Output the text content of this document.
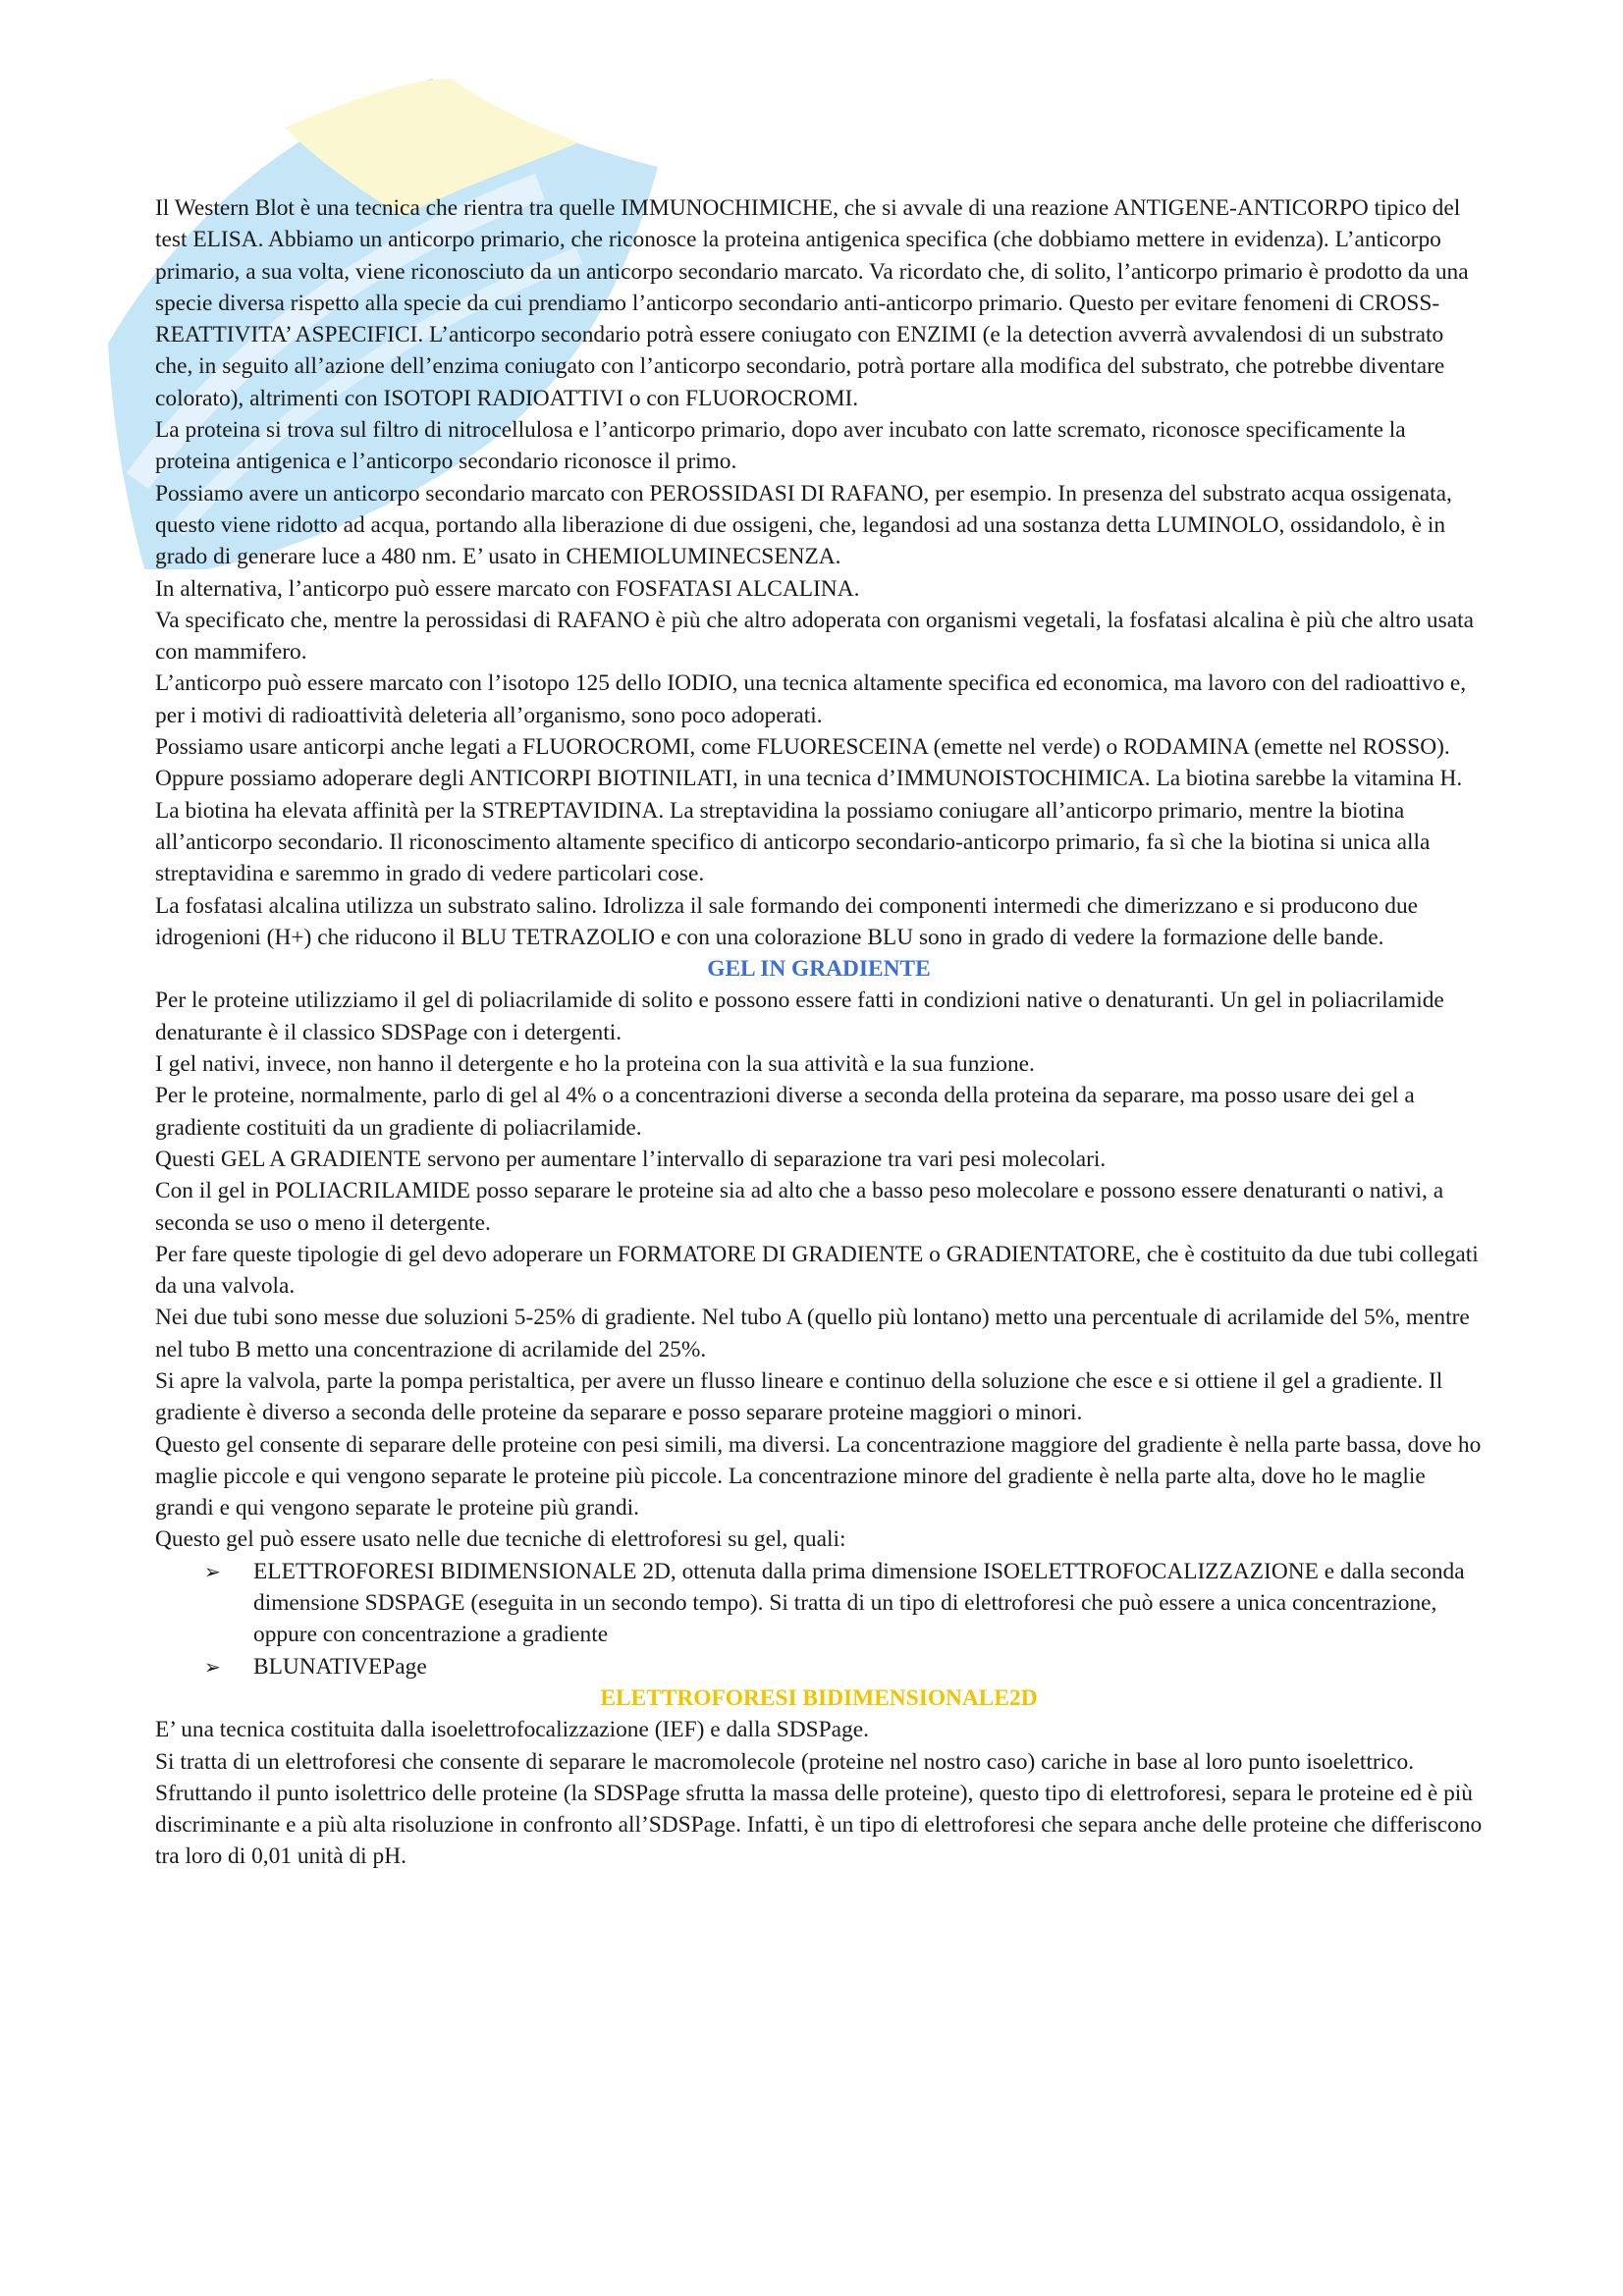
Il Western Blot è una tecnica che rientra tra quelle IMMUNOCHIMICHE, che si avvale di una reazione ANTIGENE-ANTICORPO tipico del test ELISA. Abbiamo un anticorpo primario, che riconosce la proteina antigenica specifica (che dobbiamo mettere in evidenza). L’anticorpo primario, a sua volta, viene riconosciuto da un anticorpo secondario marcato. Va ricordato che, di solito, l’anticorpo primario è prodotto da una specie diversa rispetto alla specie da cui prendiamo l’anticorpo secondario anti-anticorpo primario. Questo per evitare fenomeni di CROSS-REATTIVITA’ ASPECIFICI. L’anticorpo secondario potrà essere coniugato con ENZIMI (e la detection avverrà avvalendosi di un substrato che, in seguito all’azione dell’enzima coniugato con l’anticorpo secondario, potrà portare alla modifica del substrato, che potrebbe diventare colorato), altrimenti con ISOTOPI RADIOATTIVI o con FLUOROCROMI.

La proteina si trova sul filtro di nitrocellulosa e l’anticorpo primario, dopo aver incubato con latte scremato, riconosce specificamente la proteina antigenica e l’anticorpo secondario riconosce il primo.

Possiamo avere un anticorpo secondario marcato con PEROSSIDASI DI RAFANO, per esempio. In presenza del substrato acqua ossigenata, questo viene ridotto ad acqua, portando alla liberazione di due ossigeni, che, legandosi ad una sostanza detta LUMINOLO, ossidandolo, è in grado di generare luce a 480 nm. E’ usato in CHEMIOLUMINECSENZA.

In alternativa, l’anticorpo può essere marcato con FOSFATASI ALCALINA.

Va specificato che, mentre la perossidasi di RAFANO è più che altro adoperata con organismi vegetali, la fosfatasi alcalina è più che altro usata con mammifero.

L’anticorpo può essere marcato con l’isotopo 125 dello IODIO, una tecnica altamente specifica ed economica, ma lavoro con del radioattivo e, per i motivi di radioattività deleteria all’organismo, sono poco adoperati.

Possiamo usare anticorpi anche legati a FLUOROCROMI, come FLUORESCEINA (emette nel verde) o RODAMINA (emette nel ROSSO).

Oppure possiamo adoperare degli ANTICORPI BIOTINILATI, in una tecnica d’IMMUNOISTOCHIMICA. La biotina sarebbe la vitamina H. La biotina ha elevata affinità per la STREPTAVIDINA. La streptavidina la possiamo coniugare all’anticorpo primario, mentre la biotina all’anticorpo secondario. Il riconoscimento altamente specifico di anticorpo secondario-anticorpo primario, fa sì che la biotina si unica alla streptavidina e saremmo in grado di vedere particolari cose.

La fosfatasi alcalina utilizza un substrato salino. Idrolizza il sale formando dei componenti intermedi che dimerizzano e si producono due idrogenioni (H+) che riducono il BLU TETRAZOLIO e con una colorazione BLU sono in grado di vedere la formazione delle bande.

GEL IN GRADIENTE

Per le proteine utilizziamo il gel di poliacrilamide di solito e possono essere fatti in condizioni native o denaturanti. Un gel in poliacrilamide denaturante è il classico SDSPage con i detergenti.

I gel nativi, invece, non hanno il detergente e ho la proteina con la sua attività e la sua funzione.

Per le proteine, normalmente, parlo di gel al 4% o a concentrazioni diverse a seconda della proteina da separare, ma posso usare dei gel a gradiente costituiti da un gradiente di poliacrilamide.

Questi GEL A GRADIENTE servono per aumentare l’intervallo di separazione tra vari pesi molecolari.

Con il gel in POLIACRILAMIDE posso separare le proteine sia ad alto che a basso peso molecolare e possono essere denaturanti o nativi, a seconda se uso o meno il detergente.

Per fare queste tipologie di gel devo adoperare un FORMATORE DI GRADIENTE o GRADIENTATORE, che è costituito da due tubi collegati da una valvola.

Nei due tubi sono messe due soluzioni 5-25% di gradiente. Nel tubo A (quello più lontano) metto una percentuale di acrilamide del 5%, mentre nel tubo B metto una concentrazione di acrilamide del 25%.

Si apre la valvola, parte la pompa peristaltica, per avere un flusso lineare e continuo della soluzione che esce e si ottiene il gel a gradiente. Il gradiente è diverso a seconda delle proteine da separare e posso separare proteine maggiori o minori.

Questo gel consente di separare delle proteine con pesi simili, ma diversi. La concentrazione maggiore del gradiente è nella parte bassa, dove ho maglie piccole e qui vengono separate le proteine più piccole. La concentrazione minore del gradiente è nella parte alta, dove ho le maglie grandi e qui vengono separate le proteine più grandi.

Questo gel può essere usato nelle due tecniche di elettroforesi su gel, quali:

➢ ELETTROFORESI BIDIMENSIONALE 2D, ottenuta dalla prima dimensione ISOELETTROFOCALIZZAZIONE e dalla seconda dimensione SDSPAGE (eseguita in un secondo tempo). Si tratta di un tipo di elettroforesi che può essere a unica concentrazione, oppure con concentrazione a gradiente
➢ BLUNATIVEPage

ELETTROFORESI BIDIMENSIONALE2D

E’ una tecnica costituita dalla isoelettrofocalizzazione (IEF) e dalla SDSPage.

Si tratta di un elettroforesi che consente di separare le macromolecole (proteine nel nostro caso) cariche in base al loro punto isoelettrico.

Sfruttando il punto isolettrico delle proteine (la SDSPage sfrutta la massa delle proteine), questo tipo di elettroforesi, separa le proteine ed è più discriminante e a più alta risoluzione in confronto all’SDSPage. Infatti, è un tipo di elettroforesi che separa anche delle proteine che differiscono tra loro di 0,01 unità di pH.
